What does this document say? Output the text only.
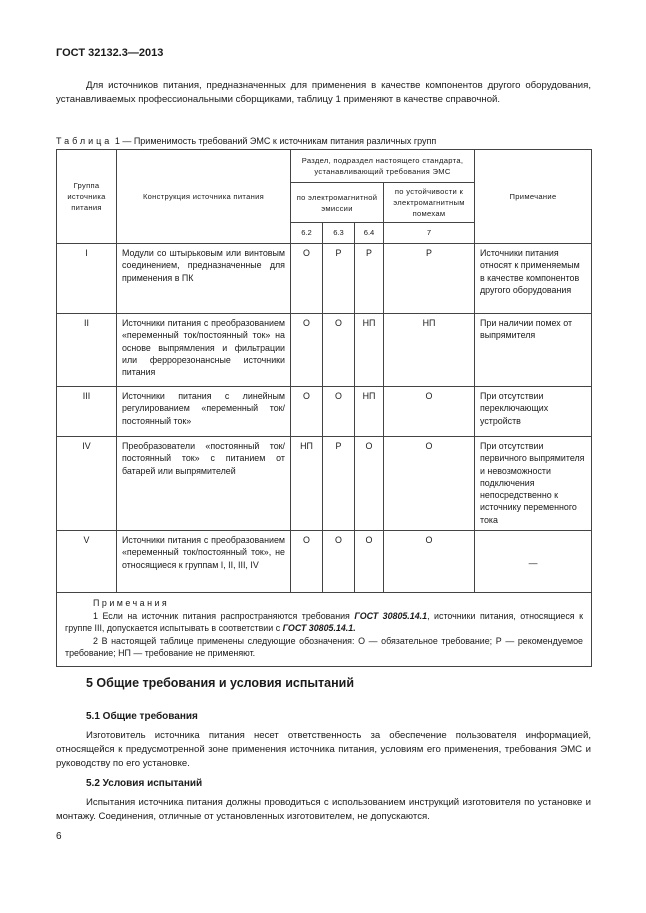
ГОСТ 32132.3—2013

Для источников питания, предназначенных для применения в качестве компонентов другого оборудования, устанавливаемых профессиональными сборщиками, таблицу 1 применяют в качестве справочной.

Таблица 1 — Применимость требований ЭМС к источникам питания различных групп
Группа источника питания	Конструкция источника питания	Раздел, подраздел настоящего стандарта, устанавливающий требования ЭМС				Примечание
		по электромагнитной эмиссии			по устойчивости к электромагнитным помехам	
		6.2	6.3	6.4	7	
I	Модули со штырьковым или винтовым соединением, предназначенные для применения в ПК	О	Р	Р	Р	Источники питания относят к применяемым в качестве компонентов другого оборудования
II	Источники питания с преобразованием «переменный ток/постоянный ток» на основе выпрямления и фильтрации или феррорезонансные источники питания	О	О	НП	НП	При наличии помех от выпрямителя
III	Источники питания с линейным регулированием «переменный ток/постоянный ток»	О	О	НП	О	При отсутствии переключающих устройств
IV	Преобразователи «постоянный ток/постоянный ток» с питанием от батарей или выпрямителей	НП	Р	О	О	При отсутствии первичного выпрямителя и невозможности подключения непосредственно к источнику переменного тока
V	Источники питания с преобразованием «переменный ток/постоянный ток», не относящиеся к группам I, II, III, IV	О	О	О	О	—

Примечания

1 Если на источник питания распространяются требования ГОСТ 30805.14.1, источники питания, относящиеся к группе III, допускается испытывать в соответствии с ГОСТ 30805.14.1.

2 В настоящей таблице применены следующие обозначения: О — обязательное требование; Р — рекомендуемое требование; НП — требование не применяют.						

5 Общие требования и условия испытаний
5.1 Общие требования

Изготовитель источника питания несет ответственность за обеспечение пользователя информацией, относящейся к предусмотренной зоне применения источника питания, условиям его применения, требования ЭМС и руководству по его установке.

5.2 Условия испытаний

Испытания источника питания должны проводиться с использованием инструкций изготовителя по установке и монтажу. Соединения, отличные от установленных изготовителем, не допускаются.

6
